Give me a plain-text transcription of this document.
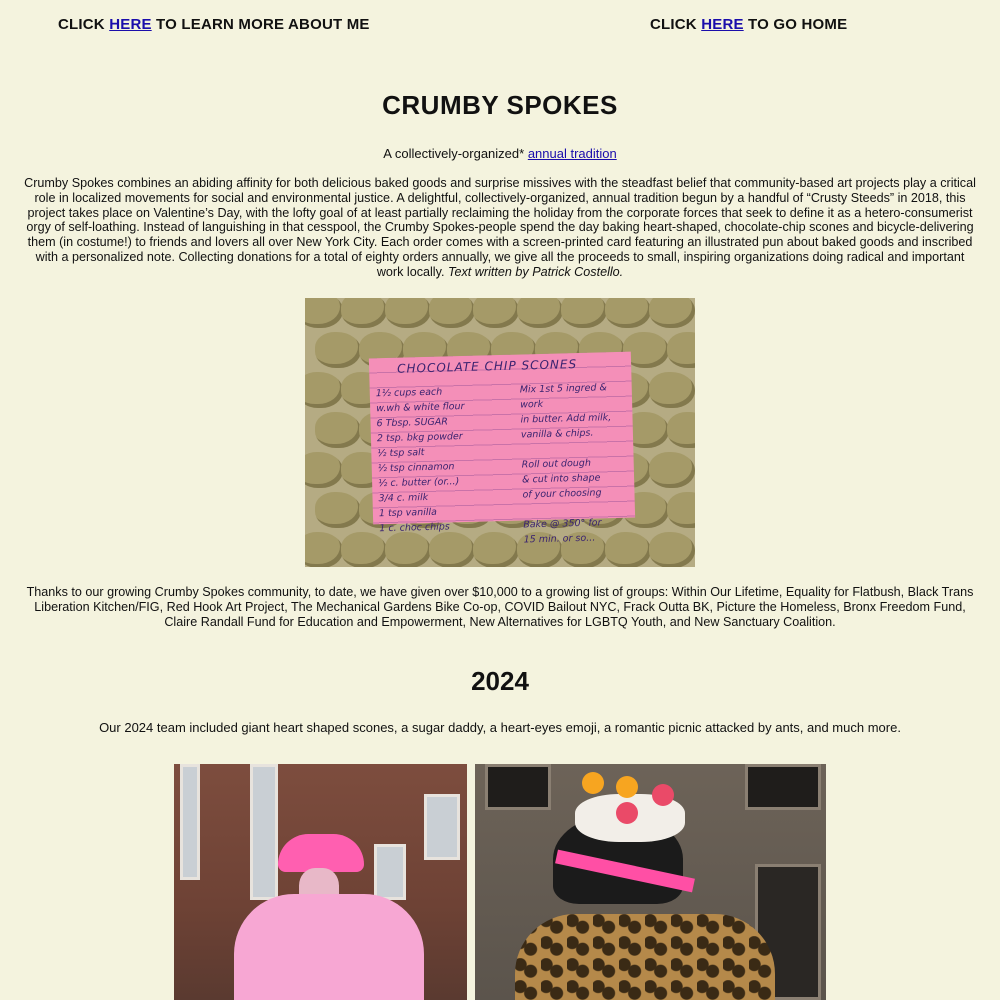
CLICK HERE TO LEARN MORE ABOUT ME	CLICK HERE TO GO HOME
CRUMBY SPOKES
A collectively-organized* annual tradition
Crumby Spokes combines an abiding affinity for both delicious baked goods and surprise missives with the steadfast belief that community-based art projects play a critical role in localized movements for social and environmental justice. A delightful, collectively-organized, annual tradition begun by a handful of “Crusty Steeds” in 2018, this project takes place on Valentine’s Day, with the lofty goal of at least partially reclaiming the holiday from the corporate forces that seek to define it as a hetero-consumerist orgy of self-loathing. Instead of languishing in that cesspool, the Crumby Spokes-people spend the day baking heart-shaped, chocolate-chip scones and bicycle-delivering them (in costume!) to friends and lovers all over New York City. Each order comes with a screen-printed card featuring an illustrated pun about baked goods and inscribed with a personalized note. Collecting donations for a total of eighty orders annually, we give all the proceeds to small, inspiring organizations doing radical and important work locally. Text written by Patrick Costello.
CHOCOLATE CHIP SCONES
1½ cups each
w.wh & white flour
6 Tbsp. SUGAR
2 tsp. bkg powder
½ tsp salt
½ tsp cinnamon
½ c. butter (or...)
3/4 c. milk
1 tsp vanilla
1 c. choc chips
Mix 1st 5 ingred & work
in butter. Add milk,
vanilla & chips.

Roll out dough
& cut into shape
of your choosing

Bake @ 350° for
15 min. or so...
Thanks to our growing Crumby Spokes community, to date, we have given over $10,000 to a growing list of groups: Within Our Lifetime, Equality for Flatbush, Black Trans Liberation Kitchen/FIG, Red Hook Art Project, The Mechanical Gardens Bike Co-op, COVID Bailout NYC, Frack Outta BK, Picture the Homeless, Bronx Freedom Fund, Claire Randall Fund for Education and Empowerment, New Alternatives for LGBTQ Youth, and New Sanctuary Coalition.
2024
Our 2024 team included giant heart shaped scones, a sugar daddy, a heart-eyes emoji, a romantic picnic attacked by ants, and much more.
